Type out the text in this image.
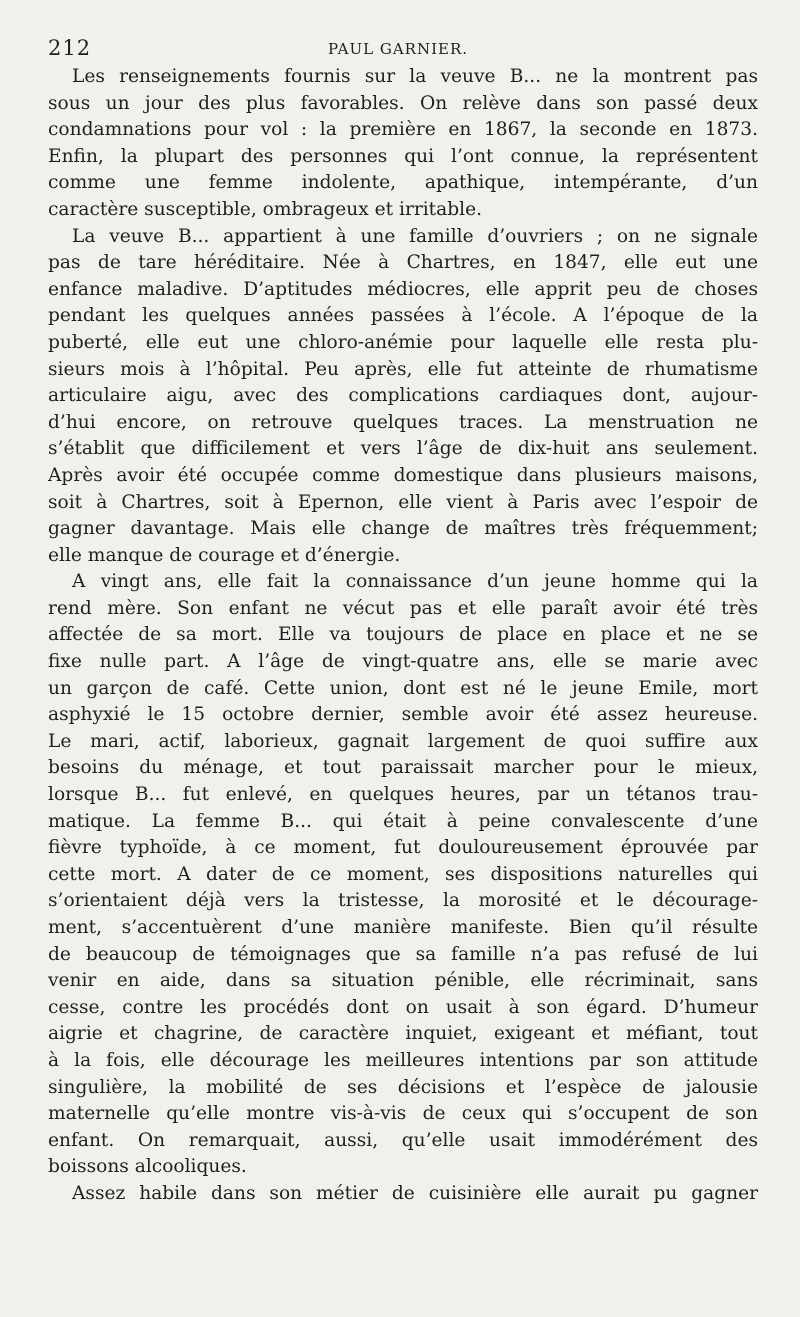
212	PAUL GARNIER.
Les renseignements fournis sur la veuve B... ne la montrent pas
sous un jour des plus favorables. On relève dans son passé deux
condamnations pour vol : la première en 1867, la seconde en 1873.
Enfin, la plupart des personnes qui l’ont connue, la représentent
comme une femme indolente, apathique, intempérante, d’un
caractère susceptible, ombrageux et irritable.
La veuve B... appartient à une famille d’ouvriers ; on ne signale
pas de tare héréditaire. Née à Chartres, en 1847, elle eut une
enfance maladive. D’aptitudes médiocres, elle apprit peu de choses
pendant les quelques années passées à l’école. A l’époque de la
puberté, elle eut une chloro-anémie pour laquelle elle resta plu-
sieurs mois à l’hôpital. Peu après, elle fut atteinte de rhumatisme
articulaire aigu, avec des complications cardiaques dont, aujour-
d’hui encore, on retrouve quelques traces. La menstruation ne
s’établit que difficilement et vers l’âge de dix-huit ans seulement.
Après avoir été occupée comme domestique dans plusieurs maisons,
soit à Chartres, soit à Epernon, elle vient à Paris avec l’espoir de
gagner davantage. Mais elle change de maîtres très fréquemment;
elle manque de courage et d’énergie.
A vingt ans, elle fait la connaissance d’un jeune homme qui la
rend mère. Son enfant ne vécut pas et elle paraît avoir été très
affectée de sa mort. Elle va toujours de place en place et ne se
fixe nulle part. A l’âge de vingt-quatre ans, elle se marie avec
un garçon de café. Cette union, dont est né le jeune Emile, mort
asphyxié le 15 octobre dernier, semble avoir été assez heureuse.
Le mari, actif, laborieux, gagnait largement de quoi suffire aux
besoins du ménage, et tout paraissait marcher pour le mieux,
lorsque B... fut enlevé, en quelques heures, par un tétanos trau-
matique. La femme B... qui était à peine convalescente d’une
fièvre typhoïde, à ce moment, fut douloureusement éprouvée par
cette mort. A dater de ce moment, ses dispositions naturelles qui
s’orientaient déjà vers la tristesse, la morosité et le décourage-
ment, s’accentuèrent d’une manière manifeste. Bien qu’il résulte
de beaucoup de témoignages que sa famille n’a pas refusé de lui
venir en aide, dans sa situation pénible, elle récriminait, sans
cesse, contre les procédés dont on usait à son égard. D’humeur
aigrie et chagrine, de caractère inquiet, exigeant et méfiant, tout
à la fois, elle décourage les meilleures intentions par son attitude
singulière, la mobilité de ses décisions et l’espèce de jalousie
maternelle qu’elle montre vis-à-vis de ceux qui s’occupent de son
enfant. On remarquait, aussi, qu’elle usait immodérément des
boissons alcooliques.
Assez habile dans son métier de cuisinière elle aurait pu gagner
